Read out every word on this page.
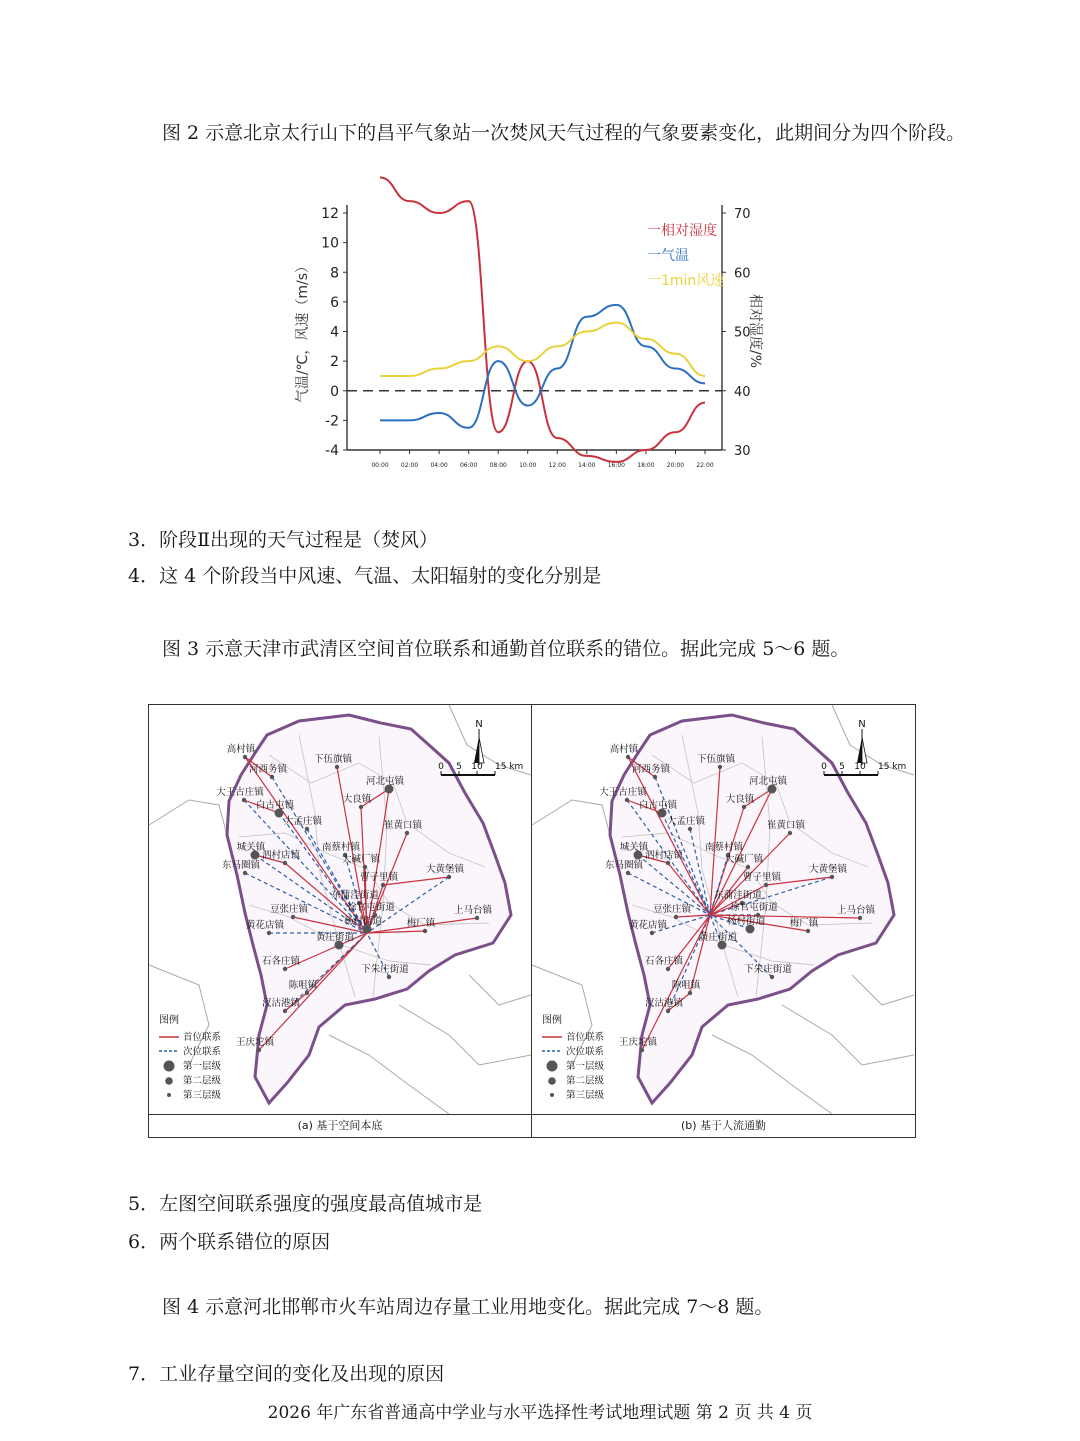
图 2 示意北京太行山下的昌平气象站一次焚风天气过程的气象要素变化，此期间分为四个阶段。

12
10
8
6
4
2
0
-2
-4
70
60
50
40
30
00:00 02:00 04:00 06:00 08:00 10:00 12:00 14:00 16:00 18:00 20:00 22:00
气温/℃，风速（m/s）	相对湿度/%
一相对湿度
一气温
一1min风速

3．阶段Ⅱ出现的天气过程是（焚风）

4．这 4 个阶段当中风速、气温、太阳辐射的变化分别是

图 3 示意天津市武清区空间首位联系和通勤首位联系的错位。据此完成 5～6 题。

高村镇
河西务镇
下伍旗镇
大王古庄镇
河北屯镇
白古屯镇
大良镇
大孟庄镇	崔黄口镇
城关镇
泗村店镇
南蔡村镇
大碱厂镇
东马圈镇
曹子里镇
大黄堡镇
东蒲洼街道
徐官屯街道
豆张庄镇
杨村街道
上马台镇
黄花店镇	梅厂镇
黄庄街道
石各庄镇
下朱庄街道
陈咀镇
汊沽港镇
王庆坨镇
N
0 5 10 15 km
图例
首位联系
次位联系
第一层级
第二层级
第三层级
高村镇
河西务镇
下伍旗镇
大王古庄镇
河北屯镇
白古屯镇
大良镇
大孟庄镇	崔黄口镇
城关镇
泗村店镇
南蔡村镇
大碱厂镇
东马圈镇
曹子里镇
大黄堡镇
东蒲洼街道
徐官屯街道
豆张庄镇
杨村街道
上马台镇
黄花店镇	梅厂镇
黄庄街道
石各庄镇
下朱庄街道
陈咀镇
汊沽港镇
王庆坨镇
N
0 5 10 15 km
图例
首位联系
次位联系
第一层级
第二层级
第三层级
(a) 基于空间本底	(b) 基于人流通勤

5．左图空间联系强度的强度最高值城市是

6．两个联系错位的原因

图 4 示意河北邯郸市火车站周边存量工业用地变化。据此完成 7～8 题。

7．工业存量空间的变化及出现的原因

2026 年广东省普通高中学业与水平选择性考试地理试题 第 2 页 共 4 页
